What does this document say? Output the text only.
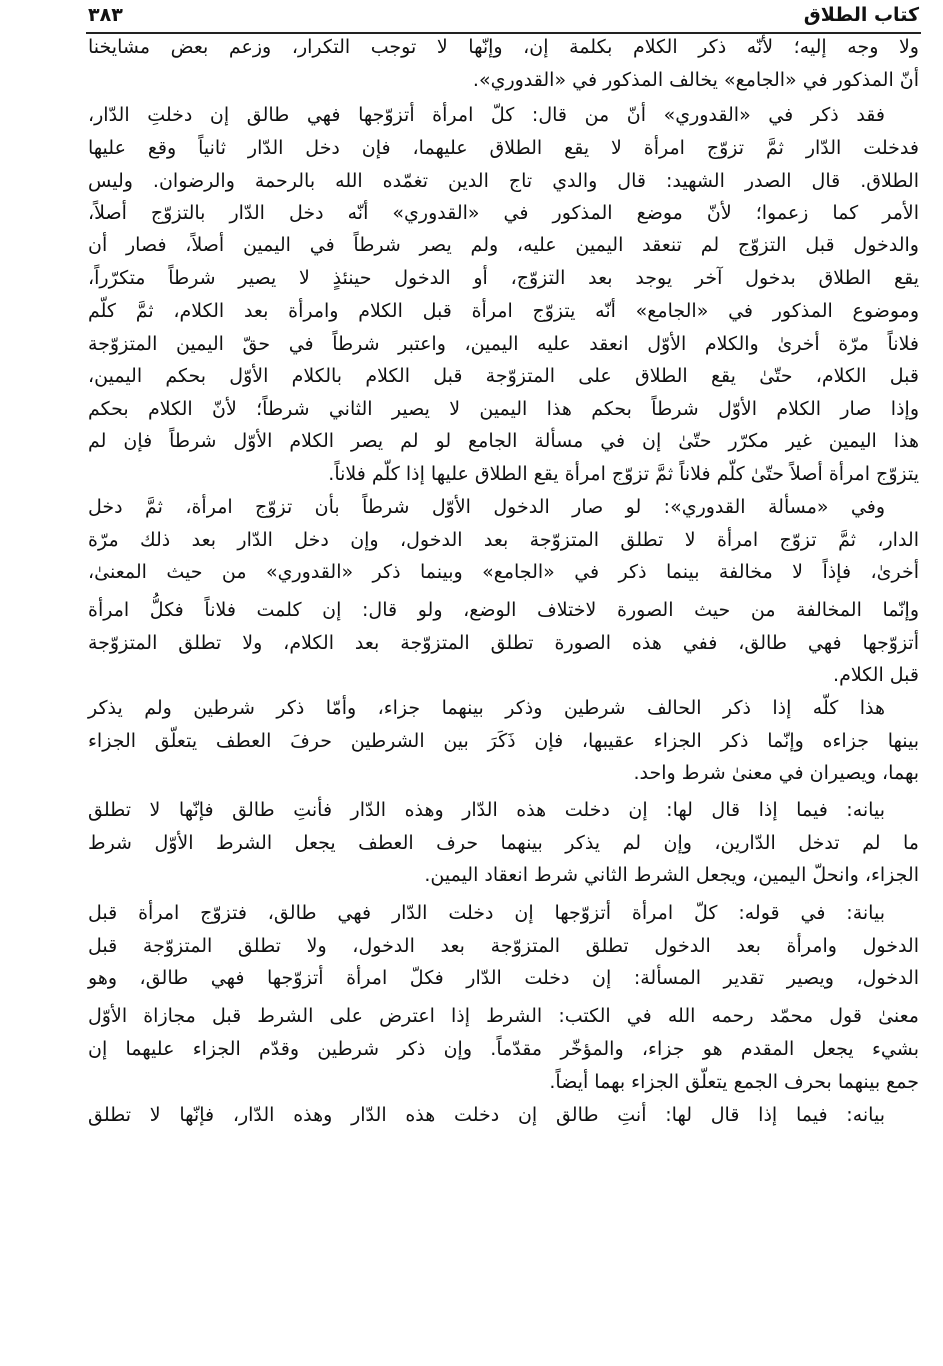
كتاب الطلاق
٣٨٣
ولا وجه إليه؛ لأنّه ذكر الكلام بكلمة إن، وإنّها لا توجب التكرار، وزعم بعض مشايخنا
أنّ المذكور في «الجامع» يخالف المذكور في «القدوري».
فقد ذكر في «القدوري» أنّ من قال: كلّ امرأة أتزوّجها فهي طالق إن دخلتِ الدّار،
فدخلت الدّار ثمَّ تزوّج امرأة لا يقع الطلاق عليهما، فإن دخل الدّار ثانياً وقع عليها
الطلاق. قال الصدر الشهيد: قال والدي تاج الدين تغمّده الله بالرحمة والرضوان. وليس
الأمر كما زعموا؛ لأنّ موضع المذكور في «القدوري» أنّه دخل الدّار بالتزوّج أصلاً،
والدخول قبل التزوّج لم تنعقد اليمين عليه، ولم يصر شرطاً في اليمين أصلاً، فصار أن
يقع الطلاق بدخول آخر يوجد بعد التزوّج، أو الدخول حينئذٍ لا يصير شرطاً متكرّراً،
وموضوع المذكور في «الجامع» أنّه يتزوّج امرأة قبل الكلام وامرأة بعد الكلام، ثمَّ كلّم
فلاناً مرّة أخرىٰ والكلام الأوّل انعقد عليه اليمين، واعتبر شرطاً في حقّ اليمين المتزوّجة
قبل الكلام، حتّىٰ يقع الطلاق على المتزوّجة قبل الكلام بالكلام الأوّل بحكم اليمين،
وإذا صار الكلام الأوّل شرطاً بحكم هذا اليمين لا يصير الثاني شرطاً؛ لأنّ الكلام بحكم
هذا اليمين غير مكرّر حتّىٰ إن في مسألة الجامع لو لم يصر الكلام الأوّل شرطاً فإن لم
يتزوّج امرأة أصلاً حتّىٰ كلّم فلاناً ثمَّ تزوّج امرأة يقع الطلاق عليها إذا كلّم فلاناً.
وفي «مسألة القدوري»: لو صار الدخول الأوّل شرطاً بأن تزوّج امرأة، ثمَّ دخل
الدار، ثمَّ تزوّج امرأة لا تطلق المتزوّجة بعد الدخول، وإن دخل الدّار بعد ذلك مرّة
أخرىٰ، فإذاً لا مخالفة بينما ذكر في «الجامع» وبينما ذكر «القدوري» من حيث المعنىٰ،
وإنّما المخالفة من حيث الصورة لاختلاف الوضع، ولو قال: إن كلمت فلاناً فكلُّ امرأة
أتزوّجها فهي طالق، ففي هذه الصورة تطلق المتزوّجة بعد الكلام، ولا تطلق المتزوّجة
قبل الكلام.
هذا كلّه إذا ذكر الحالف شرطين وذكر بينهما جزاء، وأمّا ذكر شرطين ولم يذكر
بينها جزاءه وإنّما ذكر الجزاء عقيبها، فإن ذَكَرَ بين الشرطين حرفَ العطف يتعلّق الجزاء
بهما، ويصيران في معنىٰ شرط واحد.
بيانه: فيما إذا قال لها: إن دخلت هذه الدّار وهذه الدّار فأنتِ طالق فإنّها لا تطلق
ما لم تدخل الدّارين، وإن لم يذكر بينهما حرف العطف يجعل الشرط الأوّل شرط
الجزاء، وانحلّ اليمين، ويجعل الشرط الثاني شرط انعقاد اليمين.
بيانة: في قوله: كلّ امرأة أتزوّجها إن دخلت الدّار فهي طالق، فتزوّج امرأة قبل
الدخول وامرأة بعد الدخول تطلق المتزوّجة بعد الدخول، ولا تطلق المتزوّجة قبل
الدخول، ويصير تقدير المسألة: إن دخلت الدّار فكلّ امرأة أتزوّجها فهي طالق، وهو
معنىٰ قول محمّد رحمه الله في الكتب: الشرط إذا اعترض على الشرط قبل مجازاة الأوّل
بشيء يجعل المقدم هو جزاء، والمؤخّر مقدّماً. وإن ذكر شرطين وقدّم الجزاء عليهما إن
جمع بينهما بحرف الجمع يتعلّق الجزاء بهما أيضاً.
بيانه: فيما إذا قال لها: أنتِ طالق إن دخلت هذه الدّار وهذه الدّار، فإنّها لا تطلق
